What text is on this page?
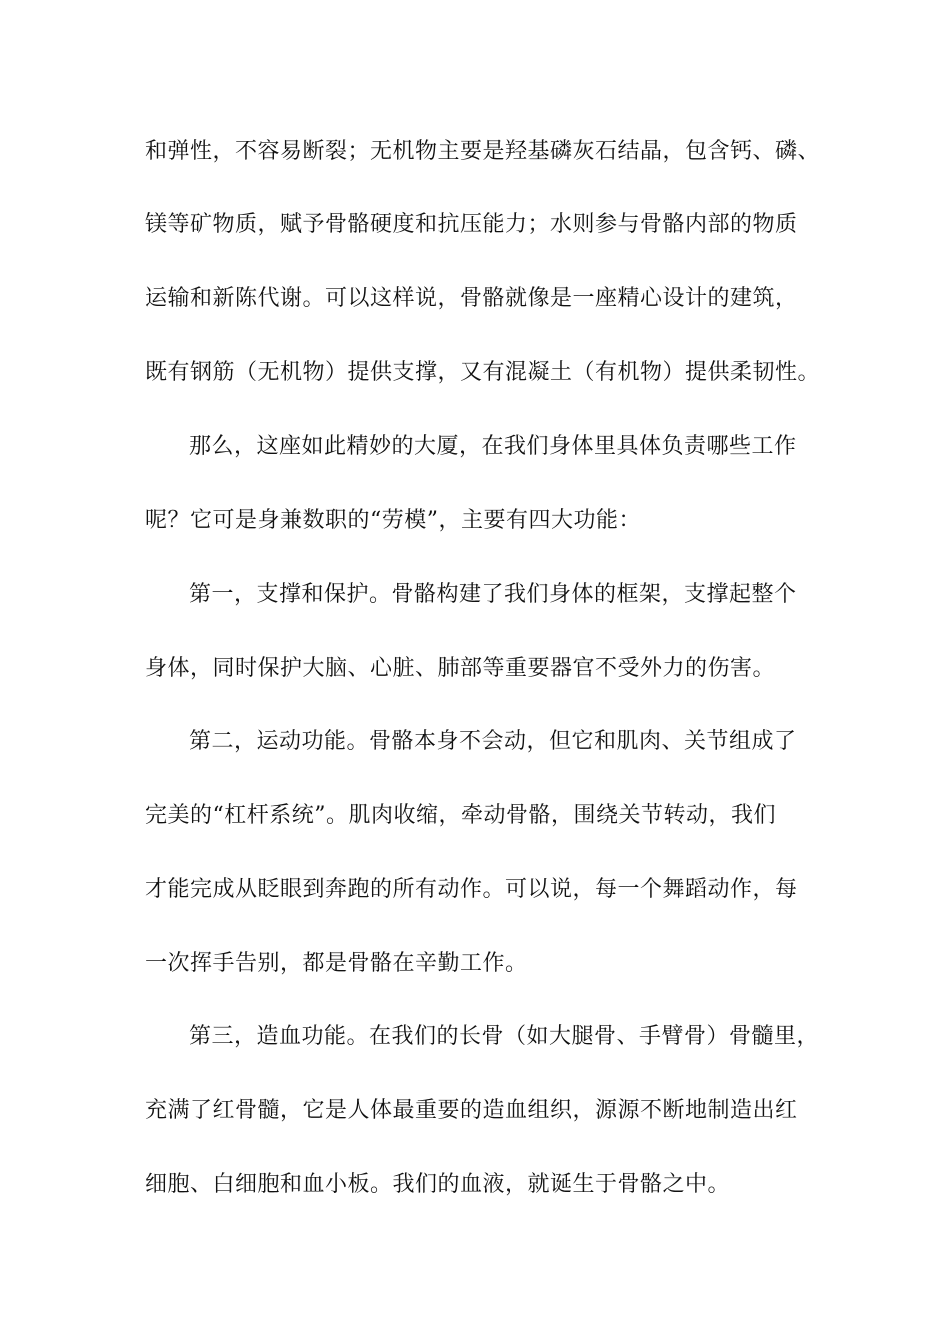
和弹性，不容易断裂；无机物主要是羟基磷灰石结晶，包含钙、磷、
镁等矿物质，赋予骨骼硬度和抗压能力；水则参与骨骼内部的物质
运输和新陈代谢。可以这样说，骨骼就像是一座精心设计的建筑，
既有钢筋（无机物）提供支撑，又有混凝土（有机物）提供柔韧性。
那么，这座如此精妙的大厦，在我们身体里具体负责哪些工作
呢？它可是身兼数职的“劳模”，主要有四大功能：
第一，支撑和保护。骨骼构建了我们身体的框架，支撑起整个
身体，同时保护大脑、心脏、肺部等重要器官不受外力的伤害。
第二，运动功能。骨骼本身不会动，但它和肌肉、关节组成了
完美的“杠杆系统”。肌肉收缩，牵动骨骼，围绕关节转动，我们
才能完成从眨眼到奔跑的所有动作。可以说，每一个舞蹈动作，每
一次挥手告别，都是骨骼在辛勤工作。
第三，造血功能。在我们的长骨（如大腿骨、手臂骨）骨髓里，
充满了红骨髓，它是人体最重要的造血组织，源源不断地制造出红
细胞、白细胞和血小板。我们的血液，就诞生于骨骼之中。
